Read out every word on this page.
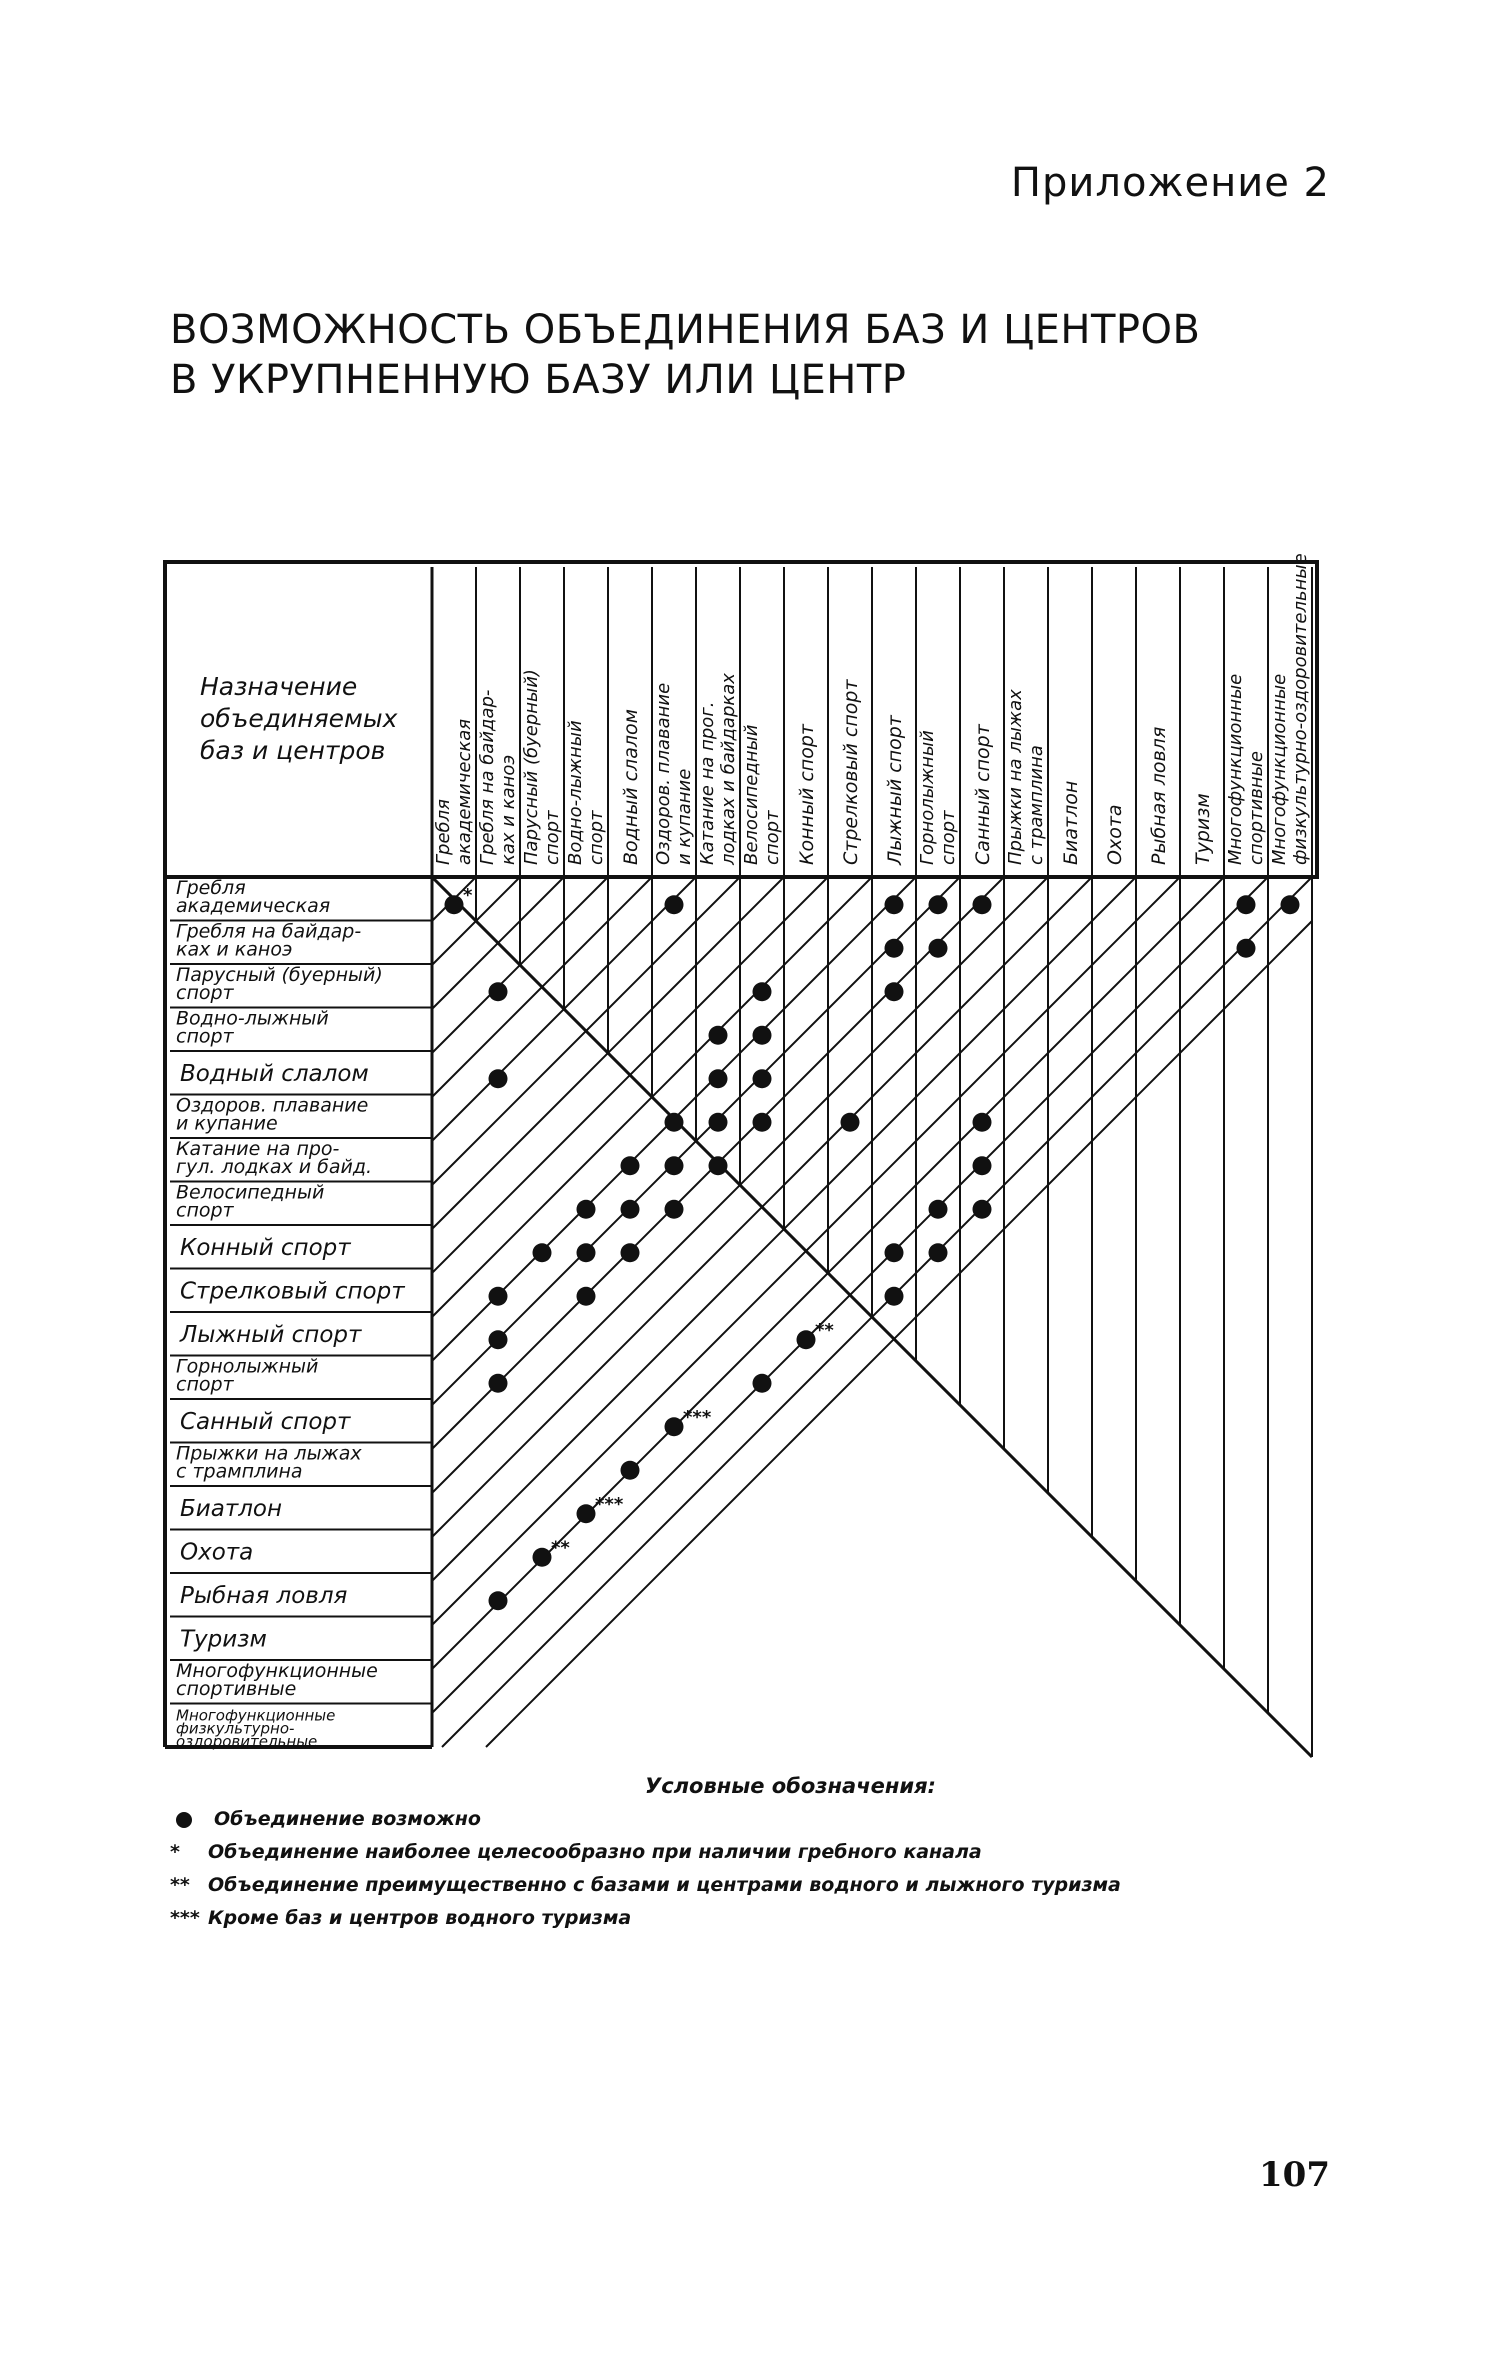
Приложение 2
ВОЗМОЖНОСТЬ ОБЪЕДИНЕНИЯ БАЗ И ЦЕНТРОВ
В УКРУПНЕННУЮ БАЗУ ИЛИ ЦЕНТР
Назначение
объединяемых
баз и центров
Гребля академическая Гребля на байдар- ках и каноэ Парусный (буерный) спорт Водно-лыжный спорт Водный слалом Оздоров. плавание и купание Катание на прог. лодках и байдарках Велосипедный спорт Конный спорт Стрелковый спорт Лыжный спорт Горнолыжный спорт Санный спорт Прыжки на лыжах с трамплина Биатлон Охота Рыбная ловля Туризм Многофункционные спортивные Многофункционные физкультурно-оздоровительные
Гребля
академическая
Гребля на байдар-
ках и каноэ
Парусный (буерный)
спорт
Водно-лыжный
спорт
Водный слалом
Оздоров. плавание
и купание
Катание на про-
гул. лодках и байд.
Велосипедный
спорт
Конный спорт
Стрелковый спорт
Лыжный спорт
Горнолыжный
спорт
Санный спорт
Прыжки на лыжах
с трамплина
Биатлон
Охота
Рыбная ловля
Туризм
Многофункционные
спортивные
Многофункционные
физкультурно-
оздоровительные
*
**
***
***
**
Условные обозначения:
Объединение возможно
*	Объединение наиболее целесообразно при наличии гребного канала
** Объединение преимущественно с базами и центрами водного и лыжного туризма
*** Кроме баз и центров водного туризма
107
